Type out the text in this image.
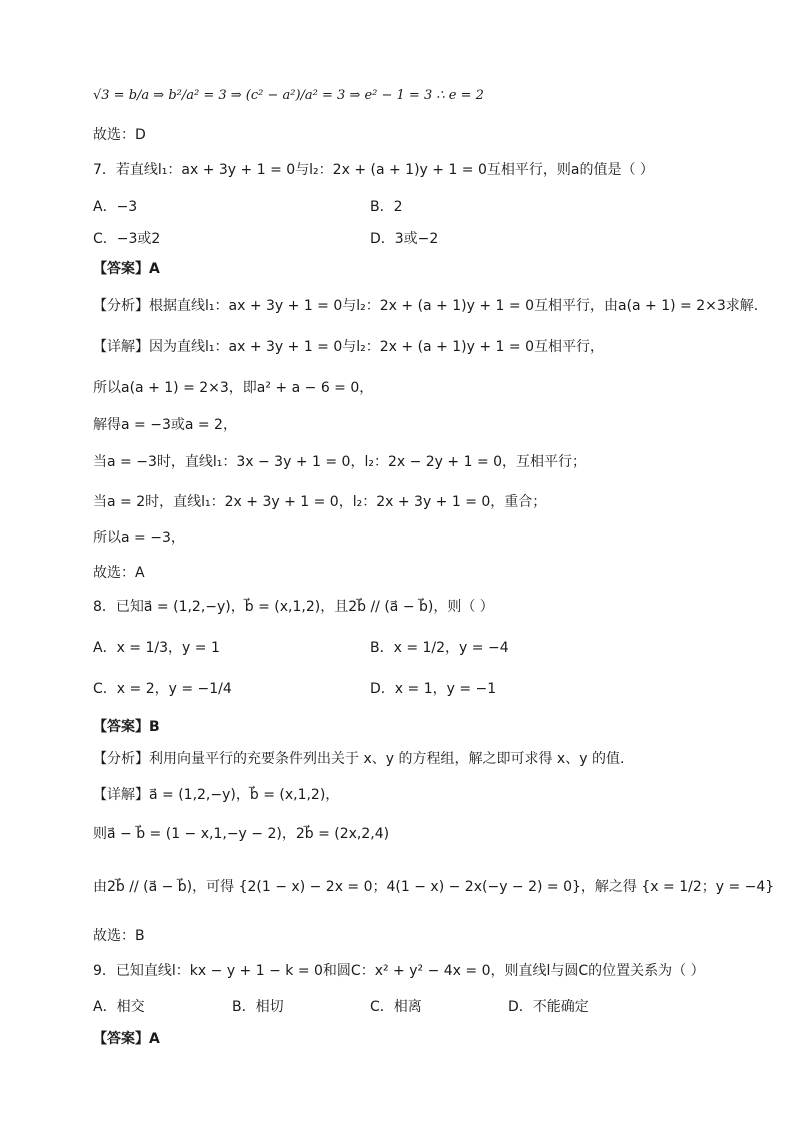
√3 = b/a ⇒ b²/a² = 3 ⇒ (c² − a²)/a² = 3 ⇒ e² − 1 = 3 ∴ e = 2
故选：D
7．若直线l₁：ax + 3y + 1 = 0与l₂：2x + (a + 1)y + 1 = 0互相平行，则a的值是（ ）
A．−3	B．2
C．−3或2	D．3或−2
【答案】A
【分析】根据直线l₁：ax + 3y + 1 = 0与l₂：2x + (a + 1)y + 1 = 0互相平行，由a(a + 1) = 2×3求解.
【详解】因为直线l₁：ax + 3y + 1 = 0与l₂：2x + (a + 1)y + 1 = 0互相平行，
所以a(a + 1) = 2×3，即a² + a − 6 = 0，
解得a = −3或a = 2，
当a = −3时，直线l₁：3x − 3y + 1 = 0，l₂：2x − 2y + 1 = 0，互相平行；
当a = 2时，直线l₁：2x + 3y + 1 = 0，l₂：2x + 3y + 1 = 0，重合；
所以a = −3，
故选：A
8．已知a⃗ = (1,2,−y)，b⃗ = (x,1,2)，且2b⃗ // (a⃗ − b⃗)，则（ ）
A．x = 1/3，y = 1	B．x = 1/2，y = −4
C．x = 2，y = −1/4	D．x = 1，y = −1
【答案】B
【分析】利用向量平行的充要条件列出关于 x、y 的方程组，解之即可求得 x、y 的值.
【详解】a⃗ = (1,2,−y)，b⃗ = (x,1,2)，
则a⃗ − b⃗ = (1 − x,1,−y − 2)，2b⃗ = (2x,2,4)
由2b⃗ // (a⃗ − b⃗)，可得 {2(1 − x) − 2x = 0；4(1 − x) − 2x(−y − 2) = 0}，解之得 {x = 1/2；y = −4}
故选：B
9．已知直线l：kx − y + 1 − k = 0和圆C：x² + y² − 4x = 0，则直线l与圆C的位置关系为（ ）
A．相交	B．相切	C．相离	D．不能确定
【答案】A
